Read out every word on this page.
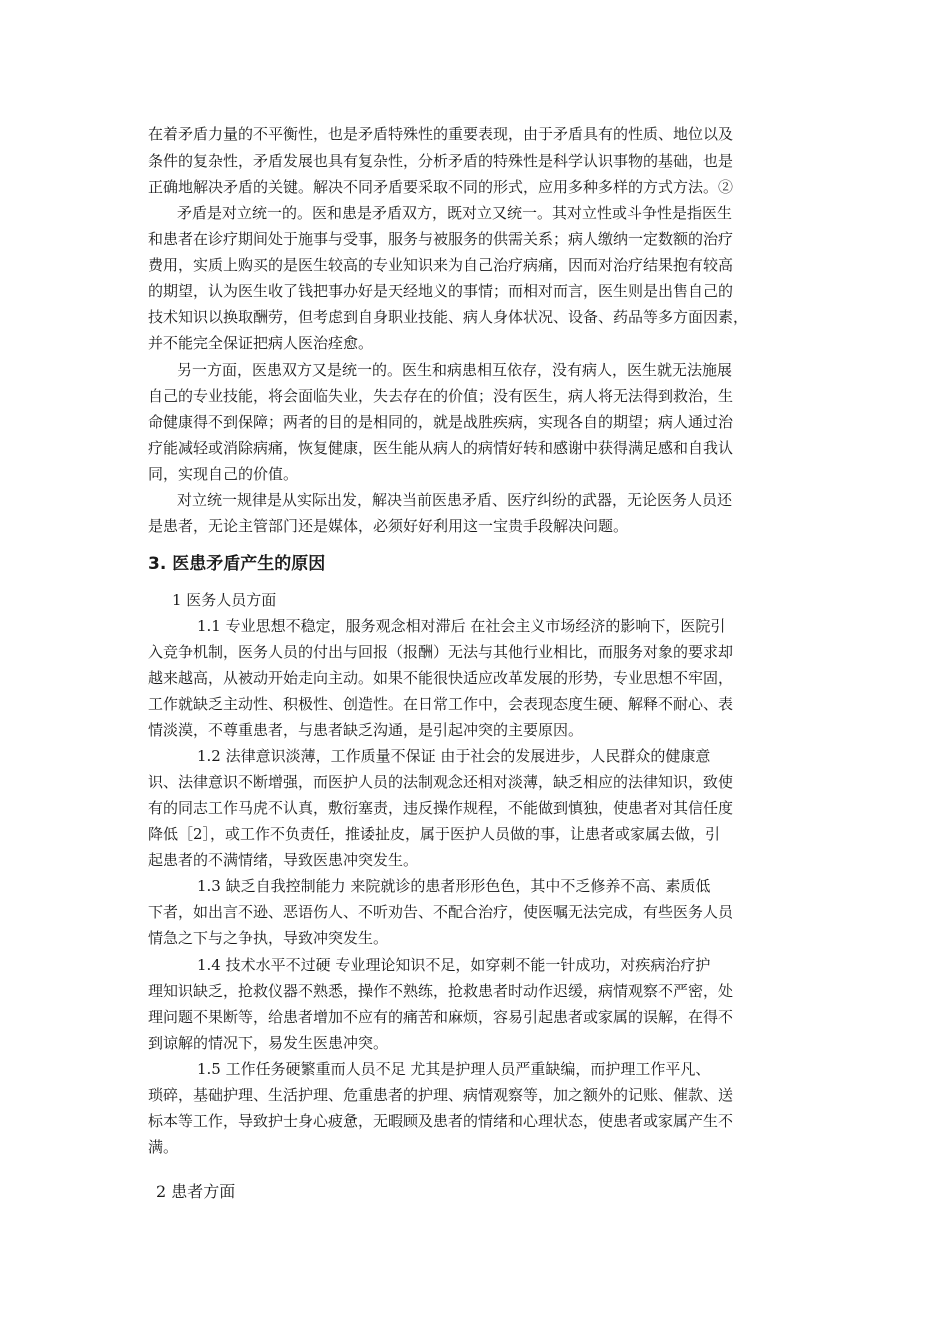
在着矛盾力量的不平衡性，也是矛盾特殊性的重要表现，由于矛盾具有的性质、地位以及
条件的复杂性，矛盾发展也具有复杂性，分析矛盾的特殊性是科学认识事物的基础，也是
正确地解决矛盾的关键。解决不同矛盾要采取不同的形式，应用多种多样的方式方法。②
矛盾是对立统一的。医和患是矛盾双方，既对立又统一。其对立性或斗争性是指医生
和患者在诊疗期间处于施事与受事，服务与被服务的供需关系；病人缴纳一定数额的治疗
费用，实质上购买的是医生较高的专业知识来为自己治疗病痛，因而对治疗结果抱有较高
的期望，认为医生收了钱把事办好是天经地义的事情；而相对而言，医生则是出售自己的
技术知识以换取酬劳，但考虑到自身职业技能、病人身体状况、设备、药品等多方面因素，
并不能完全保证把病人医治痊愈。
另一方面，医患双方又是统一的。医生和病患相互依存，没有病人，医生就无法施展
自己的专业技能，将会面临失业，失去存在的价值；没有医生，病人将无法得到救治，生
命健康得不到保障；两者的目的是相同的，就是战胜疾病，实现各自的期望；病人通过治
疗能减轻或消除病痛，恢复健康，医生能从病人的病情好转和感谢中获得满足感和自我认
同，实现自己的价值。
对立统一规律是从实际出发，解决当前医患矛盾、医疗纠纷的武器，无论医务人员还
是患者，无论主管部门还是媒体，必须好好利用这一宝贵手段解决问题。
3. 医患矛盾产生的原因
1 医务人员方面
1.1 专业思想不稳定，服务观念相对滞后 在社会主义市场经济的影响下，医院引
入竞争机制，医务人员的付出与回报（报酬）无法与其他行业相比，而服务对象的要求却
越来越高，从被动开始走向主动。如果不能很快适应改革发展的形势，专业思想不牢固，
工作就缺乏主动性、积极性、创造性。在日常工作中，会表现态度生硬、解释不耐心、表
情淡漠，不尊重患者，与患者缺乏沟通，是引起冲突的主要原因。
1.2 法律意识淡薄，工作质量不保证 由于社会的发展进步，人民群众的健康意
识、法律意识不断增强，而医护人员的法制观念还相对淡薄，缺乏相应的法律知识，致使
有的同志工作马虎不认真，敷衍塞责，违反操作规程，不能做到慎独，使患者对其信任度
降低［2］，或工作不负责任，推诿扯皮，属于医护人员做的事，让患者或家属去做，引
起患者的不满情绪，导致医患冲突发生。
1.3 缺乏自我控制能力 来院就诊的患者形形色色，其中不乏修养不高、素质低
下者，如出言不逊、恶语伤人、不听劝告、不配合治疗，使医嘱无法完成，有些医务人员
情急之下与之争执，导致冲突发生。
1.4 技术水平不过硬 专业理论知识不足，如穿刺不能一针成功，对疾病治疗护
理知识缺乏，抢救仪器不熟悉，操作不熟练，抢救患者时动作迟缓，病情观察不严密，处
理问题不果断等，给患者增加不应有的痛苦和麻烦，容易引起患者或家属的误解，在得不
到谅解的情况下，易发生医患冲突。
1.5 工作任务硬繁重而人员不足 尤其是护理人员严重缺编，而护理工作平凡、
琐碎，基础护理、生活护理、危重患者的护理、病情观察等，加之额外的记账、催款、送
标本等工作，导致护士身心疲惫，无暇顾及患者的情绪和心理状态，使患者或家属产生不
满。
2 患者方面
